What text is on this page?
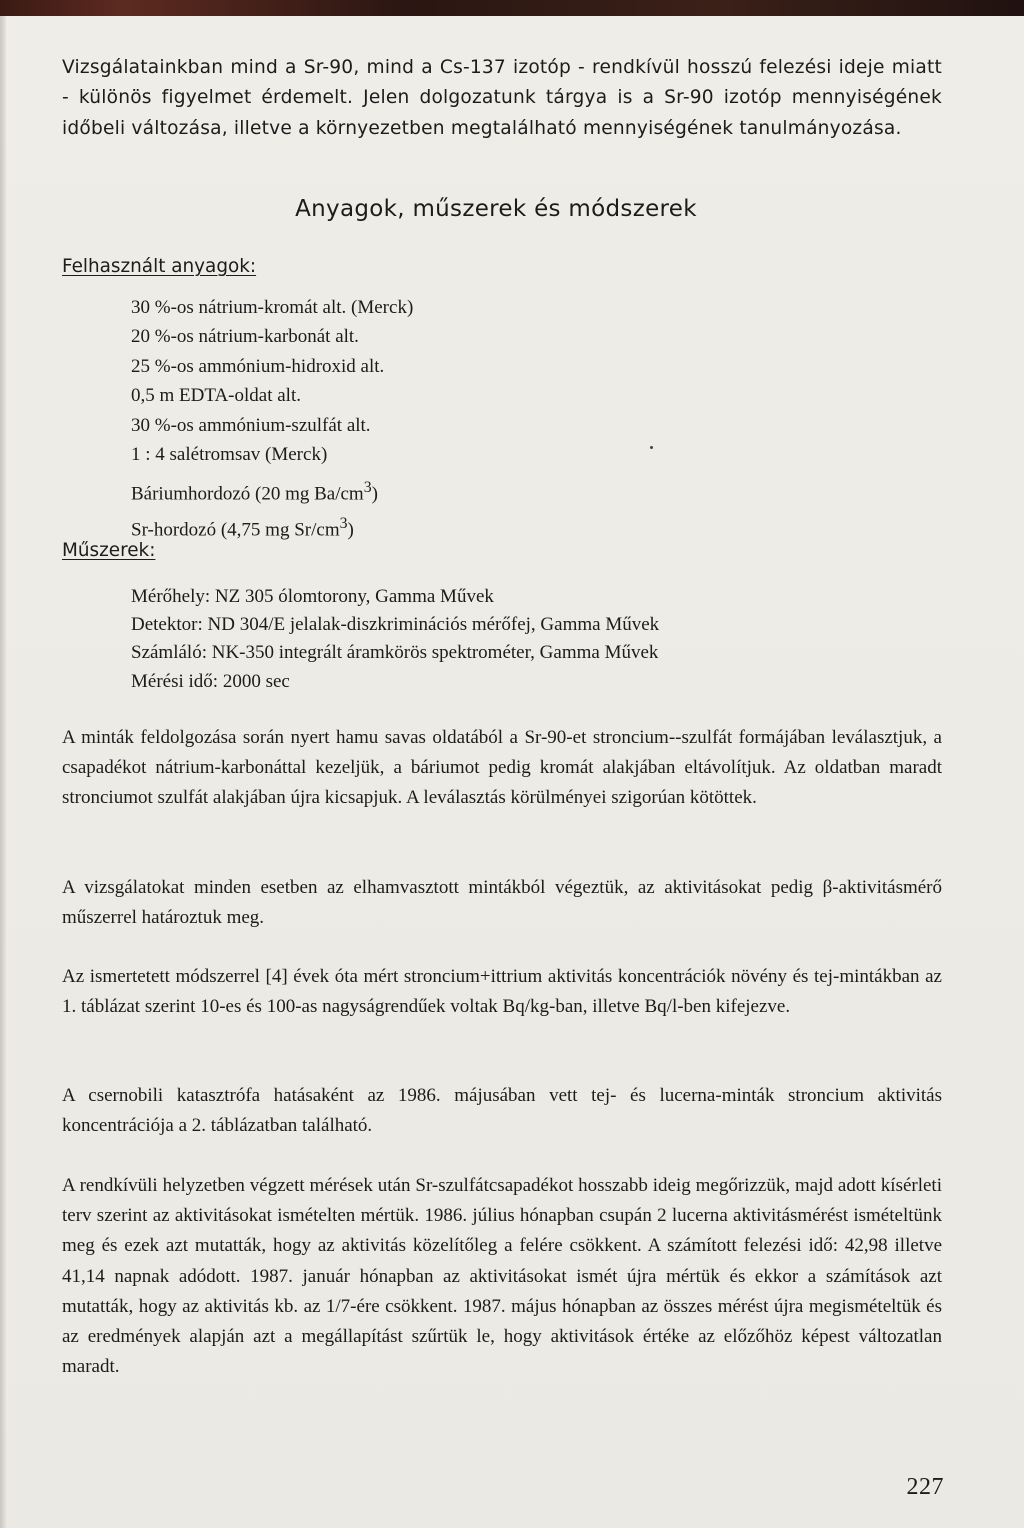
Vizsgálatainkban mind a Sr-90, mind a Cs-137 izotóp - rendkívül hosszú felezési ideje miatt - különös figyelmet érdemelt. Jelen dolgozatunk tárgya is a Sr-90 izotóp mennyiségének időbeli változása, illetve a környezetben megtalálható mennyiségének tanulmányozása.

Anyagok, műszerek és módszerek
Felhasznált anyagok:
30 %-os nátrium-kromát alt. (Merck)
20 %-os nátrium-karbonát alt.
25 %-os ammónium-hidroxid alt.
0,5 m EDTA-oldat alt.
30 %-os ammónium-szulfát alt.
1 : 4 salétromsav (Merck)
Báriumhordozó (20 mg $Ba/cm^3$)
Sr-hordozó (4,75 mg $Sr/cm^3$)
Műszerek:
Mérőhely: NZ 305 ólomtorony, Gamma Művek
Detektor: ND 304/E jelalak-diszkriminációs mérőfej, Gamma Művek
Számláló: NK-350 integrált áramkörös spektrométer, Gamma Művek
Mérési idő: 2000 sec

A minták feldolgozása során nyert hamu savas oldatából a Sr-90-et stroncium--szulfát formájában leválasztjuk, a csapadékot nátrium-karbonáttal kezeljük, a báriumot pedig kromát alakjában eltávolítjuk. Az oldatban maradt stronciumot szulfát alakjában újra kicsapjuk. A leválasztás körülményei szigorúan kötöttek.

A vizsgálatokat minden esetben az elhamvasztott mintákból végeztük, az aktivitásokat pedig β-aktivitásmérő műszerrel határoztuk meg.

Az ismertetett módszerrel [4] évek óta mért stroncium+ittrium aktivitás koncentrációk növény és tej-mintákban az 1. táblázat szerint 10-es és 100-as nagyságrendűek voltak Bq/kg-ban, illetve Bq/l-ben kifejezve.

A csernobili katasztrófa hatásaként az 1986. májusában vett tej- és lucerna-minták stroncium aktivitás koncentrációja a 2. táblázatban található.

A rendkívüli helyzetben végzett mérések után Sr-szulfátcsapadékot hosszabb ideig megőrizzük, majd adott kísérleti terv szerint az aktivitásokat ismételten mértük. 1986. július hónapban csupán 2 lucerna aktivitásmérést ismételtünk meg és ezek azt mutatták, hogy az aktivitás közelítőleg a felére csökkent. A számított felezési idő: 42,98 illetve 41,14 napnak adódott. 1987. január hónapban az aktivitásokat ismét újra mértük és ekkor a számítások azt mutatták, hogy az aktivitás kb. az 1/7-ére csökkent. 1987. május hónapban az összes mérést újra megismételtük és az eredmények alapján azt a megállapítást szűrtük le, hogy aktivitások értéke az előzőhöz képest változatlan maradt.

227
